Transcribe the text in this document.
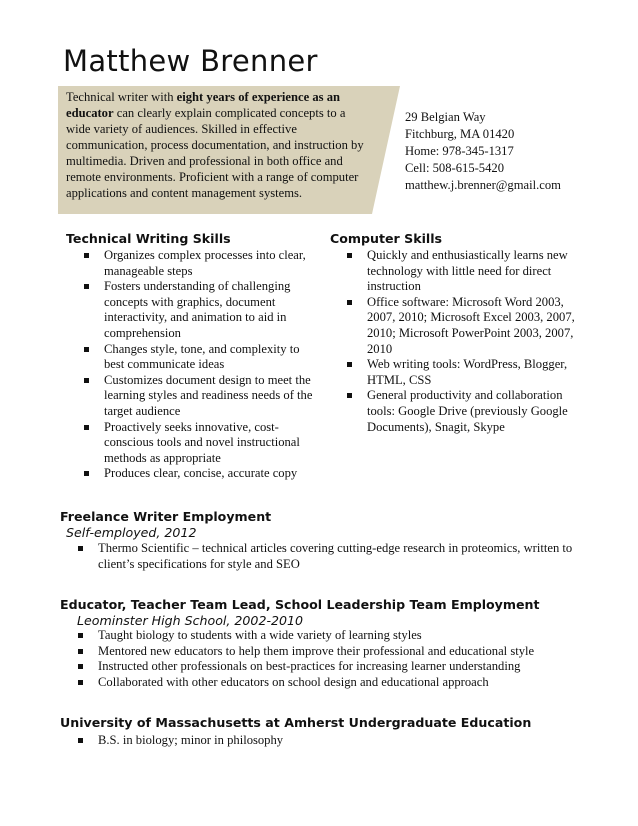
Matthew Brenner

Technical writer with eight years of experience as an educator can clearly explain complicated concepts to a wide variety of audiences. Skilled in effective communication, process documentation, and instruction by multimedia. Driven and professional in both office and remote environments. Proficient with a range of computer applications and content management systems.

29 Belgian Way
Fitchburg, MA 01420
Home: 978-345-1317
Cell: 508-615-5420
matthew.j.brenner@gmail.com
Technical Writing Skills
Organizes complex processes into clear, manageable steps
Fosters understanding of challenging concepts with graphics, document interactivity, and animation to aid in comprehension
Changes style, tone, and complexity to best communicate ideas
Customizes document design to meet the learning styles and readiness needs of the target audience
Proactively seeks innovative, cost-conscious tools and novel instructional methods as appropriate
Produces clear, concise, accurate copy
Computer Skills
Quickly and enthusiastically learns new technology with little need for direct instruction
Office software: Microsoft Word 2003, 2007, 2010; Microsoft Excel 2003, 2007, 2010; Microsoft PowerPoint 2003, 2007, 2010
Web writing tools: WordPress, Blogger, HTML, CSS
General productivity and collaboration tools: Google Drive (previously Google Documents), Snagit, Skype
Freelance Writer Employment
Self-employed, 2012
Thermo Scientific – technical articles covering cutting-edge research in proteomics, written to client’s specifications for style and SEO
Educator, Teacher Team Lead, School Leadership Team Employment
Leominster High School, 2002-2010
Taught biology to students with a wide variety of learning styles
Mentored new educators to help them improve their professional and educational style
Instructed other professionals on best-practices for increasing learner understanding
Collaborated with other educators on school design and educational approach
University of Massachusetts at Amherst Undergraduate Education
B.S. in biology; minor in philosophy
